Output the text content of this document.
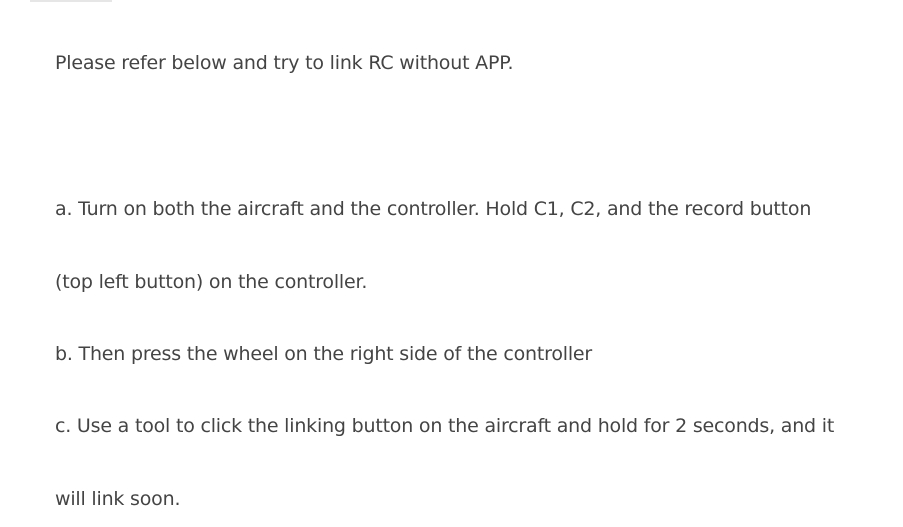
Please refer below and try to link RC without APP.
a. Turn on both the aircraft and the controller. Hold C1, C2, and the record button
(top left button) on the controller.
b. Then press the wheel on the right side of the controller
c. Use a tool to click the linking button on the aircraft and hold for 2 seconds, and it
will link soon.
